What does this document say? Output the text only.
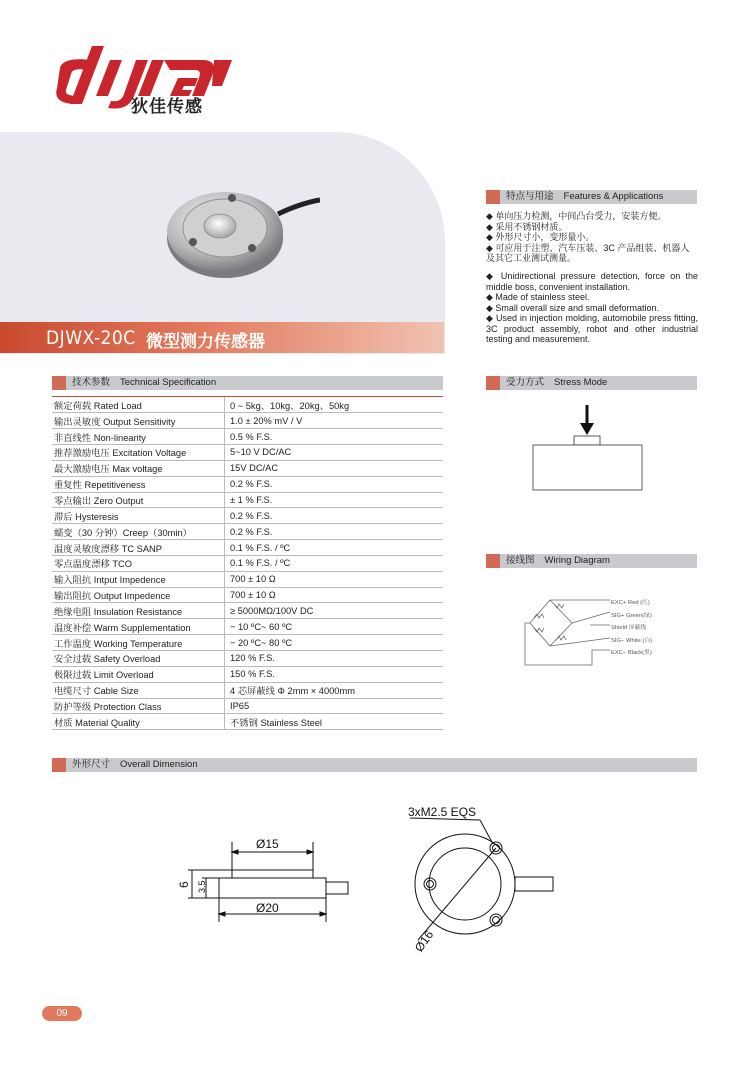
狄佳传感
DJWX-20C 微型测力传感器
特点与用途 Features & Applications

◆ 单向压力检测，中间凸台受力，安装方便。

◆ 采用不锈钢材质。

◆ 外形尺寸小，变形量小。

◆ 可应用于注塑、汽车压装、3C 产品组装、机器人及其它工业测试测量。

◆ Unidirectional pressure detection, force on the middle boss, convenient installation.

◆ Made of stainless steel.

◆ Small overall size and small deformation.

◆ Used in injection molding, automobile press fitting, 3C product assembly, robot and other industrial testing and measurement.

技术参数 Technical Specification
额定荷载 Rated Load	0 ~ 5kg、10kg、20kg、50kg
输出灵敏度 Output Sensitivity	1.0 ± 20% mV / V
非直线性 Non-linearity	0.5 % F.S.
推荐激励电压 Excitation Voltage	5~10 V DC/AC
最大激励电压 Max voltage	15V DC/AC
重复性 Repetitiveness	0.2 % F.S.
零点输出 Zero Output	± 1 % F.S.
滞后 Hysteresis	0.2 % F.S.
蠕变（30 分钟）Creep（30min）	0.2 % F.S.
温度灵敏度漂移 TC SANP	0.1 % F.S. / ºC
零点温度漂移 TCO	0.1 % F.S. / ºC
输入阻抗 Intput Impedence	700 ± 10 Ω
输出阻抗 Output Impedence	700 ± 10 Ω
绝缘电阻 Insulation Resistance	≥ 5000MΩ/100V DC
温度补偿 Warm Supplementation	− 10 ºC~ 60 ºC
工作温度 Working Temperature	− 20 ºC~ 80 ºC
安全过载 Safety Overload	120 % F.S.
极限过载 Limit Overload	150 % F.S.
电缆尺寸 Cable Size	4 芯屏蔽线 Φ 2mm × 4000mm
防护等级 Protection Class	IP65
材质 Material Quality	不锈钢 Stainless Steel
受力方式 Stress Mode
接线图 Wiring Diagram
EXC+ Red (红)
SIG+ Green(绿)
Shield 屏蔽线
SIG− White (白)
EXC− Black(黑)
外形尺寸 Overall Dimension
Ø15
Ø20
6 3.5
3xM2.5 EQS
Ø16
09
